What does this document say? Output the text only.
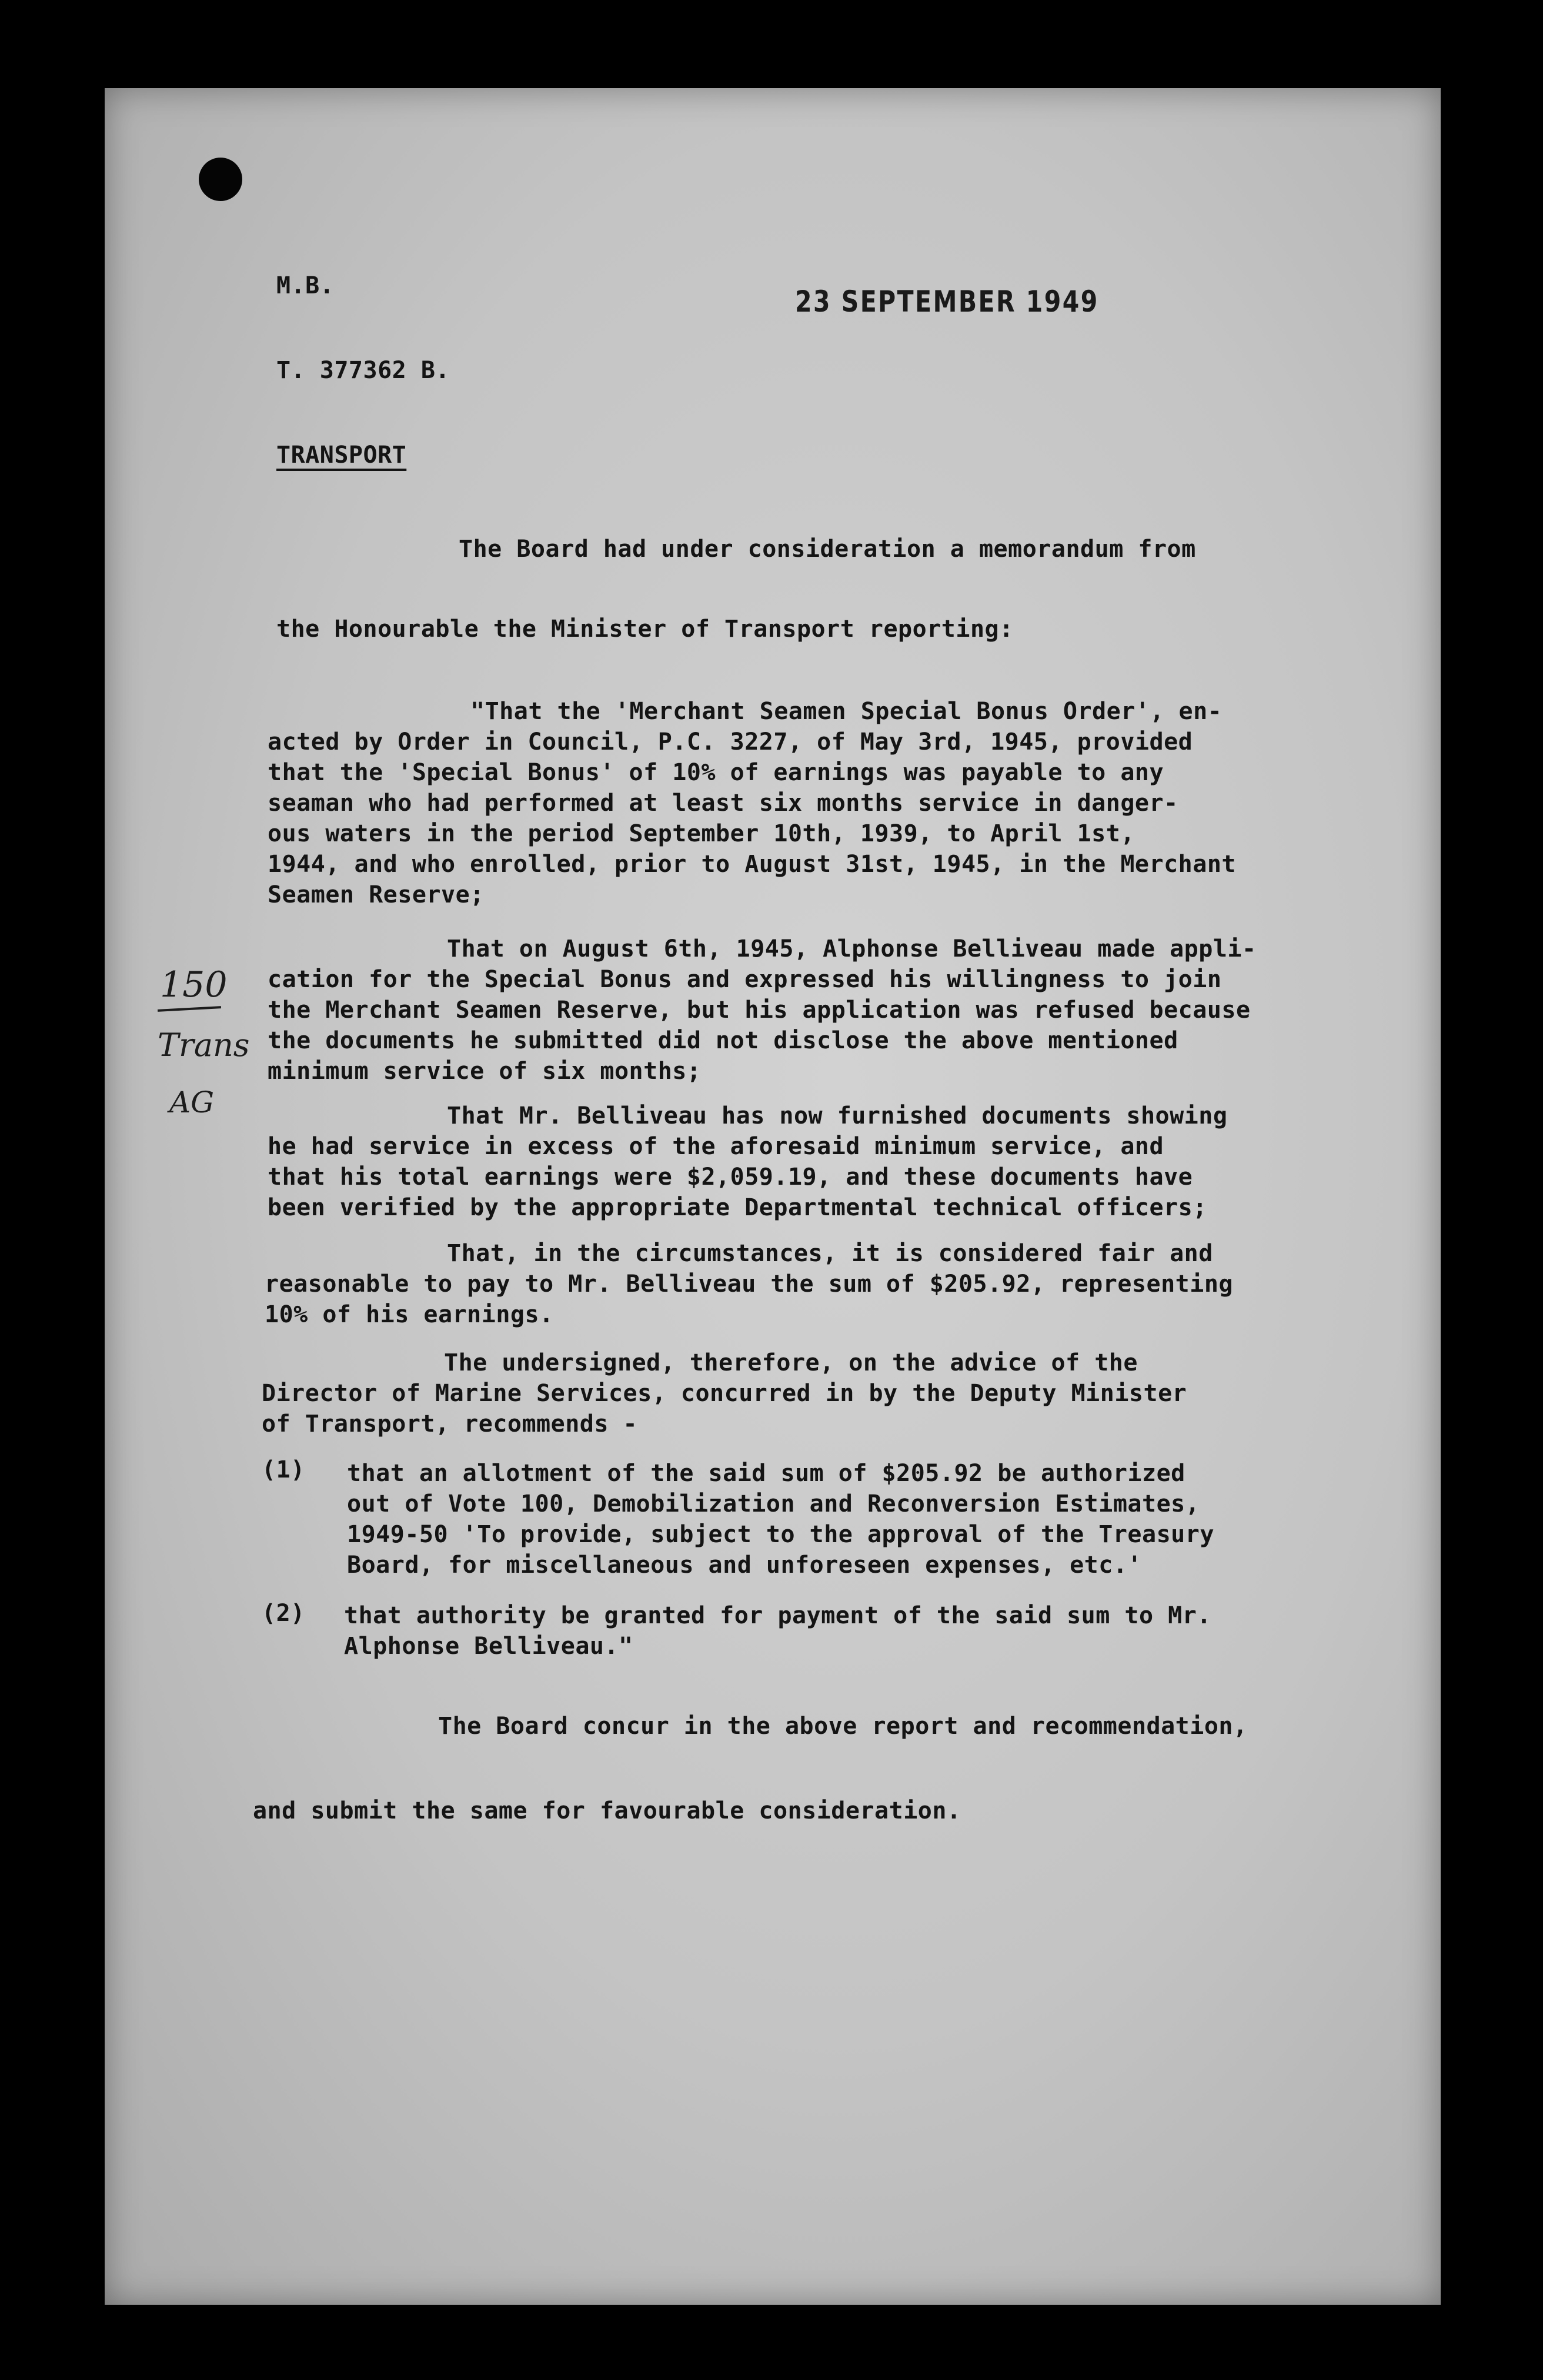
M.B.	23 SEPTEMBER 1949
T. 377362 B.
TRANSPORT
The Board had under consideration a memorandum from
the Honourable the Minister of Transport reporting:
"That the 'Merchant Seamen Special Bonus Order', en-
acted by Order in Council, P.C. 3227, of May 3rd, 1945, provided
that the 'Special Bonus' of 10% of earnings was payable to any
seaman who had performed at least six months service in danger-
ous waters in the period September 10th, 1939, to April 1st,
1944, and who enrolled, prior to August 31st, 1945, in the Merchant
Seamen Reserve;
That on August 6th, 1945, Alphonse Belliveau made appli-
cation for the Special Bonus and expressed his willingness to join
the Merchant Seamen Reserve, but his application was refused because
the documents he submitted did not disclose the above mentioned
minimum service of six months;
That Mr. Belliveau has now furnished documents showing
he had service in excess of the aforesaid minimum service, and
that his total earnings were $2,059.19, and these documents have
been verified by the appropriate Departmental technical officers;
That, in the circumstances, it is considered fair and
reasonable to pay to Mr. Belliveau the sum of $205.92, representing
10% of his earnings.
The undersigned, therefore, on the advice of the
Director of Marine Services, concurred in by the Deputy Minister
of Transport, recommends -
(1) that an allotment of the said sum of $205.92 be authorized
out of Vote 100, Demobilization and Reconversion Estimates,
1949-50 'To provide, subject to the approval of the Treasury
Board, for miscellaneous and unforeseen expenses, etc.'
(2) that authority be granted for payment of the said sum to Mr.
Alphonse Belliveau."
The Board concur in the above report and recommendation,
and submit the same for favourable consideration.
150
Trans
AG
